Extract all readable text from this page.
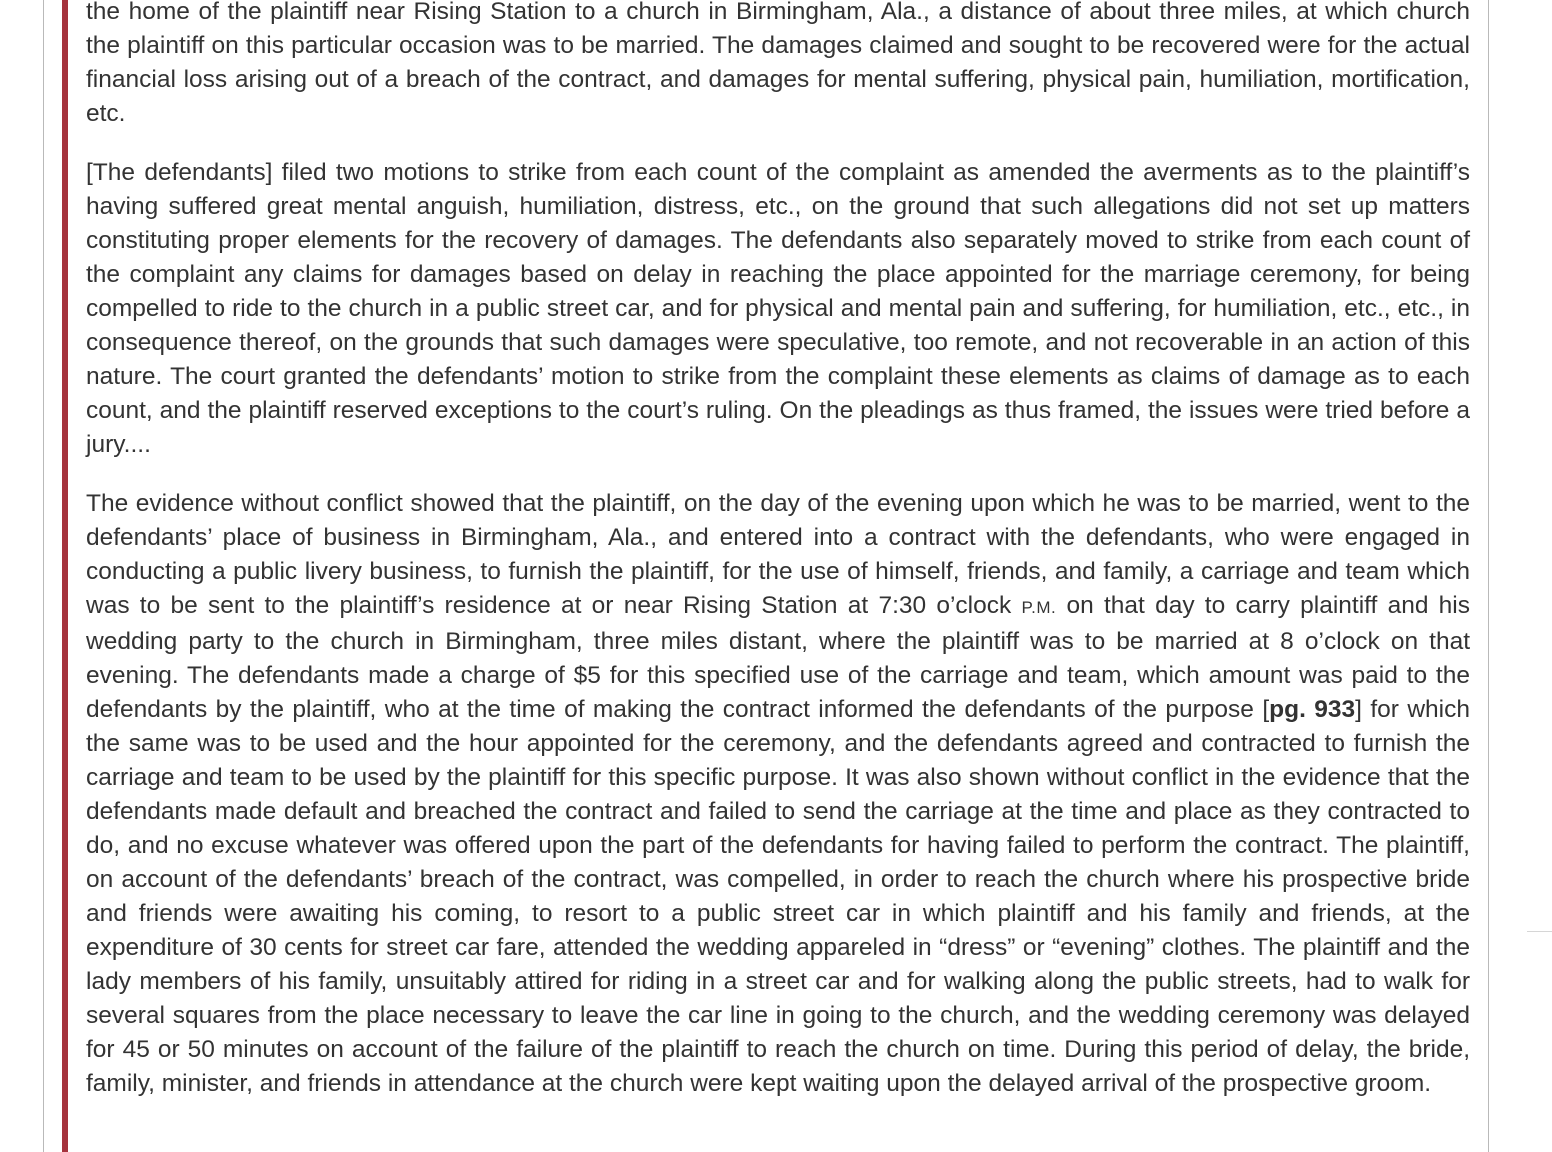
the home of the plaintiff near Rising Station to a church in Birmingham, Ala., a distance of about three miles, at which church the plaintiff on this particular occasion was to be married. The damages claimed and sought to be recovered were for the actual financial loss arising out of a breach of the contract, and damages for mental suffering, physical pain, humiliation, mortification, etc.

[The defendants] filed two motions to strike from each count of the complaint as amended the averments as to the plaintiff’s having suffered great mental anguish, humiliation, distress, etc., on the ground that such allegations did not set up matters constituting proper elements for the recovery of damages. The defendants also separately moved to strike from each count of the complaint any claims for damages based on delay in reaching the place appointed for the marriage ceremony, for being compelled to ride to the church in a public street car, and for physical and mental pain and suffering, for humiliation, etc., etc., in consequence thereof, on the grounds that such damages were speculative, too remote, and not recoverable in an action of this nature. The court granted the defendants’ motion to strike from the complaint these elements as claims of damage as to each count, and the plaintiff reserved exceptions to the court’s ruling. On the pleadings as thus framed, the issues were tried before a jury....

The evidence without conflict showed that the plaintiff, on the day of the evening upon which he was to be married, went to the defendants’ place of business in Birmingham, Ala., and entered into a contract with the defendants, who were engaged in conducting a public livery business, to furnish the plaintiff, for the use of himself, friends, and family, a carriage and team which was to be sent to the plaintiff’s residence at or near Rising Station at 7:30 o’clock P.M. on that day to carry plaintiff and his wedding party to the church in Birmingham, three miles distant, where the plaintiff was to be married at 8 o’clock on that evening. The defendants made a charge of $5 for this specified use of the carriage and team, which amount was paid to the defendants by the plaintiff, who at the time of making the contract informed the defendants of the purpose [pg. 933] for which the same was to be used and the hour appointed for the ceremony, and the defendants agreed and contracted to furnish the carriage and team to be used by the plaintiff for this specific purpose. It was also shown without conflict in the evidence that the defendants made default and breached the contract and failed to send the carriage at the time and place as they contracted to do, and no excuse whatever was offered upon the part of the defendants for having failed to perform the contract. The plaintiff, on account of the defendants’ breach of the contract, was compelled, in order to reach the church where his prospective bride and friends were awaiting his coming, to resort to a public street car in which plaintiff and his family and friends, at the expenditure of 30 cents for street car fare, attended the wedding appareled in “dress” or “evening” clothes. The plaintiff and the lady members of his family, unsuitably attired for riding in a street car and for walking along the public streets, had to walk for several squares from the place necessary to leave the car line in going to the church, and the wedding ceremony was delayed for 45 or 50 minutes on account of the failure of the plaintiff to reach the church on time. During this period of delay, the bride, family, minister, and friends in attendance at the church were kept waiting upon the delayed arrival of the prospective groom.
